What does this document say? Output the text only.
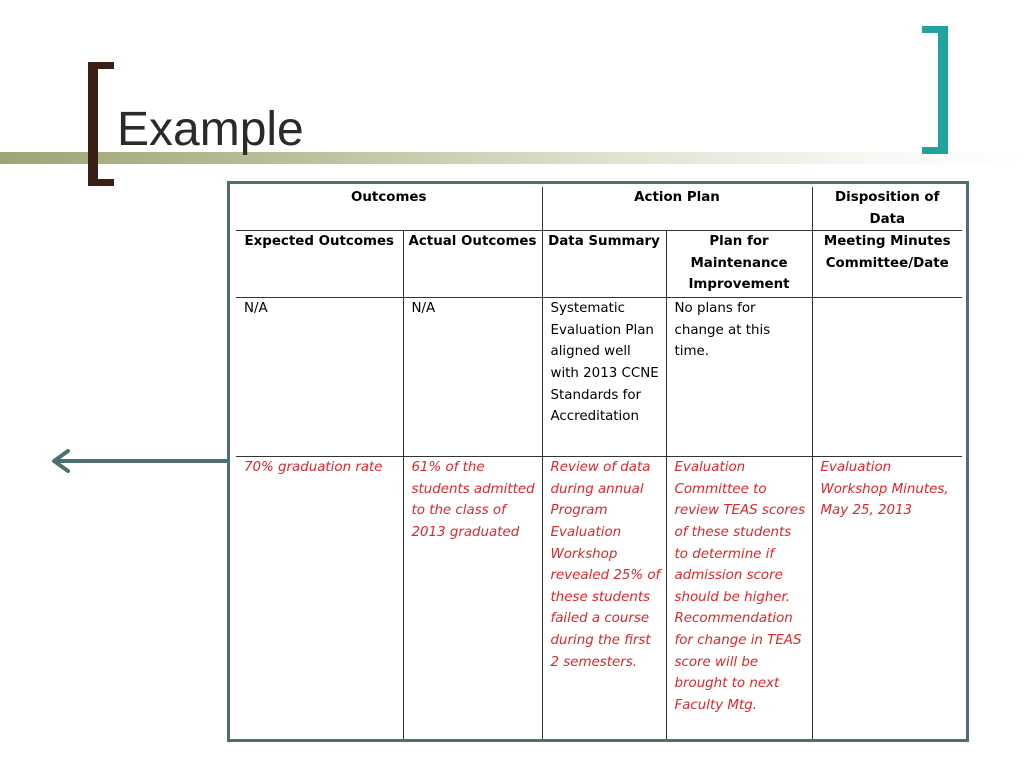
Example
Outcomes		Action Plan		Disposition of Data
Expected Outcomes	Actual Outcomes	Data Summary	Plan for Maintenance Improvement	Meeting Minutes Committee/Date
N/A	N/A	Systematic Evaluation Plan aligned well with 2013 CCNE Standards for Accreditation	No plans for change at this time.	
70% graduation rate	61% of the students admitted to the class of 2013 graduated	Review of data during annual Program Evaluation Workshop revealed 25% of these students failed a course during the first 2 semesters.	Evaluation Committee to review TEAS scores of these students to determine if admission score should be higher. Recommendation for change in TEAS score will be brought to next Faculty Mtg.	Evaluation Workshop Minutes, May 25, 2013
